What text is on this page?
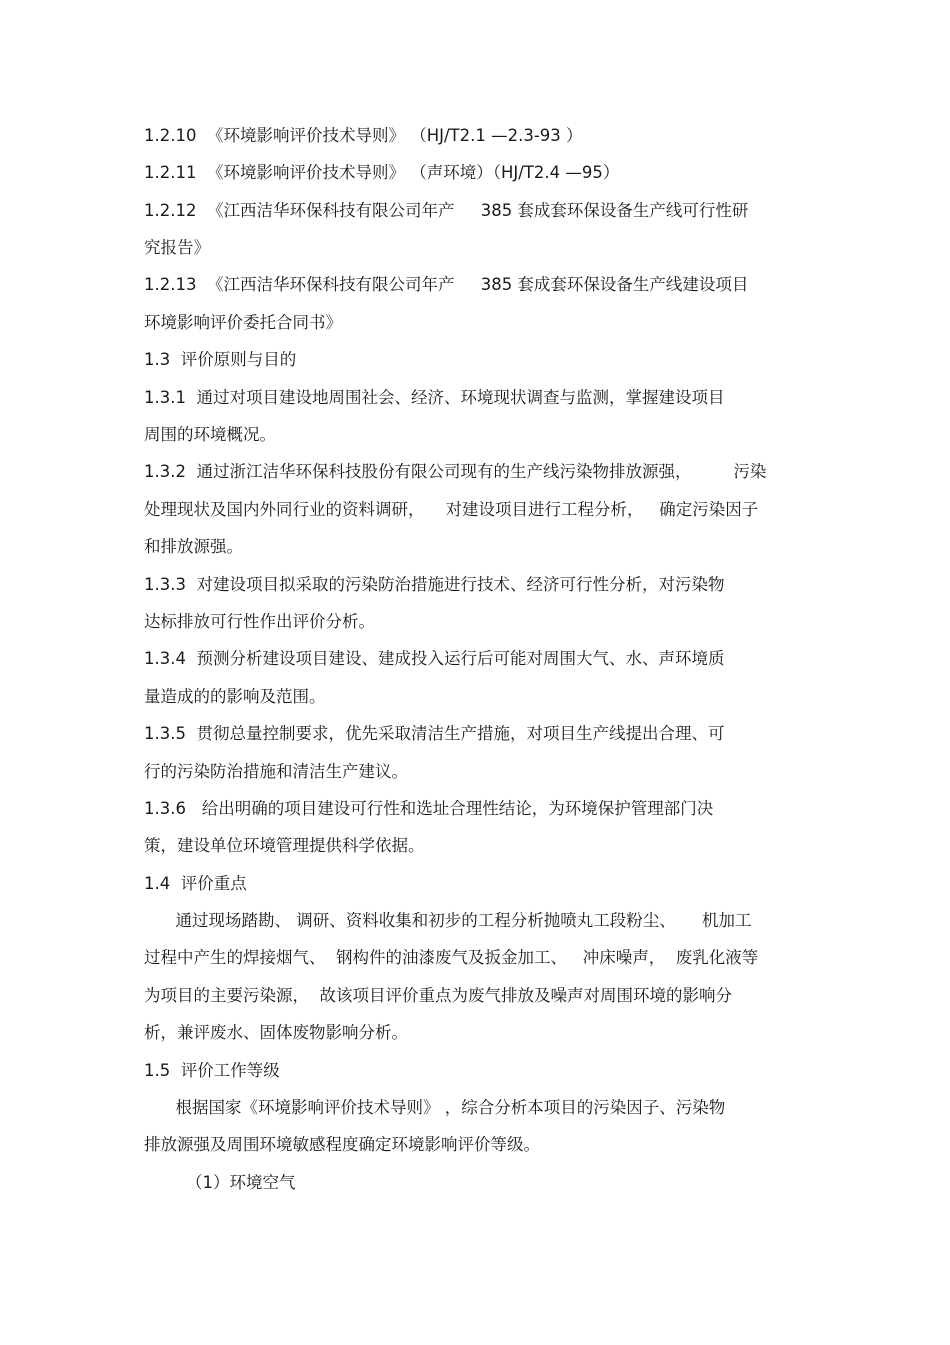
1.2.10  《环境影响评价技术导则》 （HJ/T2.1 —2.3-93 ）
1.2.11  《环境影响评价技术导则》 （声环境）（HJ/T2.4 —95）
1.2.12  《江西洁华环保科技有限公司年产     385 套成套环保设备生产线可行性研
究报告》
1.2.13  《江西洁华环保科技有限公司年产     385 套成套环保设备生产线建设项目
环境影响评价委托合同书》
1.3  评价原则与目的
1.3.1  通过对项目建设地周围社会、经济、环境现状调查与监测，掌握建设项目
周围的环境概况。
1.3.2  通过浙江洁华环保科技股份有限公司现有的生产线污染物排放源强，        污染
处理现状及国内外同行业的资料调研，    对建设项目进行工程分析，   确定污染因子
和排放源强。
1.3.3  对建设项目拟采取的污染防治措施进行技术、经济可行性分析，对污染物
达标排放可行性作出评价分析。
1.3.4  预测分析建设项目建设、建成投入运行后可能对周围大气、水、声环境质
量造成的的影响及范围。
1.3.5  贯彻总量控制要求，优先采取清洁生产措施，对项目生产线提出合理、可
行的污染防治措施和清洁生产建议。
1.3.6   给出明确的项目建设可行性和选址合理性结论，为环境保护管理部门决
策，建设单位环境管理提供科学依据。
1.4  评价重点
通过现场踏勘、 调研、资料收集和初步的工程分析抛喷丸工段粉尘、     机加工
过程中产生的焊接烟气、  钢构件的油漆废气及扳金加工、   冲床噪声，  废乳化液等
为项目的主要污染源，  故该项目评价重点为废气排放及噪声对周围环境的影响分
析，兼评废水、固体废物影响分析。
1.5  评价工作等级
根据国家《环境影响评价技术导则》 ，综合分析本项目的污染因子、污染物
排放源强及周围环境敏感程度确定环境影响评价等级。
（1）环境空气
